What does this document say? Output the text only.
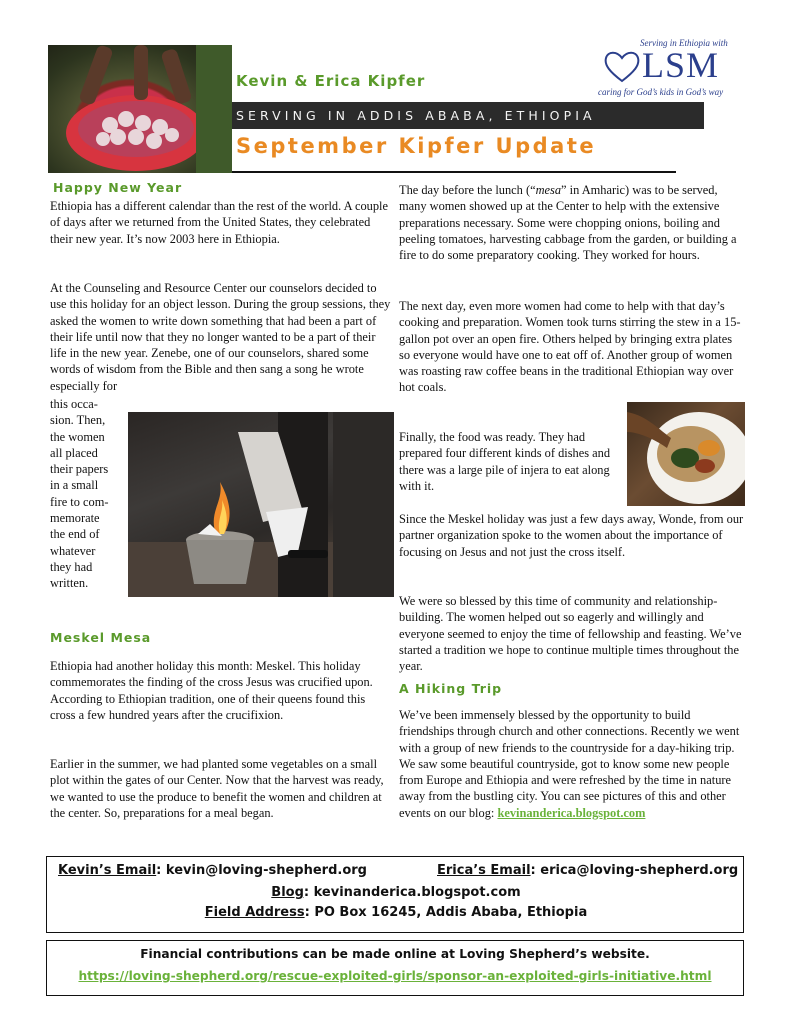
Kevin & Erica Kipfer
SERVING IN ADDIS ABABA, ETHIOPIA
September Kipfer Update
Serving in Ethiopia with
LSM
caring for God’s kids in God’s way
Happy New Year

Ethiopia has a different calendar than the rest of the world. A couple of days after we returned from the United States, they celebrated their new year. It’s now 2003 here in Ethiopia.

At the Counseling and Resource Center our counselors decided to use this holiday for an object lesson. During the group sessions, they asked the women to write down something that had been a part of their life until now that they no longer wanted to be a part of their life in the new year. Zenebe, one of our counselors, shared some words of wisdom from the Bible and then sang a song he wrote especially for

this occa-
sion. Then,
the women
all placed
their papers
in a small
fire to com-
memorate
the end of
whatever
they had
written.
Meskel Mesa

Ethiopia had another holiday this month: Meskel. This holiday commemorates the finding of the cross Jesus was crucified upon. According to Ethiopian tradition, one of their queens found this cross a few hundred years after the crucifixion.

Earlier in the summer, we had planted some vegetables on a small plot within the gates of our Center. Now that the harvest was ready, we wanted to use the produce to benefit the women and children at the center. So, preparations for a meal began.

The day before the lunch (“mesa” in Amharic) was to be served, many women showed up at the Center to help with the extensive preparations necessary. Some were chopping onions, boiling and peeling tomatoes, harvesting cabbage from the garden, or building a fire to do some preparatory cooking. They worked for hours.

The next day, even more women had come to help with that day’s cooking and preparation. Women took turns stirring the stew in a 15-gallon pot over an open fire. Others helped by bringing extra plates so everyone would have one to eat off of. Another group of women was roasting raw coffee beans in the traditional Ethiopian way over hot coals.

Finally, the food was ready. They had prepared four different kinds of dishes and there was a large pile of injera to eat along with it.

Since the Meskel holiday was just a few days away, Wonde, from our partner organization spoke to the women about the importance of focusing on Jesus and not just the cross itself.

We were so blessed by this time of community and relationship-building. The women helped out so eagerly and willingly and everyone seemed to enjoy the time of fellowship and feasting. We’ve started a tradition we hope to continue multiple times throughout the year.

A Hiking Trip

We’ve been immensely blessed by the opportunity to build friendships through church and other connections. Recently we went with a group of new friends to the countryside for a day-hiking trip. We saw some beautiful countryside, got to know some new people from Europe and Ethiopia and were refreshed by the time in nature away from the bustling city. You can see pictures of this and other events on our blog: kevinanderica.blogspot.com

Kevin’s Email: kevin@loving-shepherd.org	Erica’s Email: erica@loving-shepherd.org
Blog: kevinanderica.blogspot.com
Field Address: PO Box 16245, Addis Ababa, Ethiopia
Financial contributions can be made online at Loving Shepherd’s website.
https://loving-shepherd.org/rescue-exploited-girls/sponsor-an-exploited-girls-initiative.html
